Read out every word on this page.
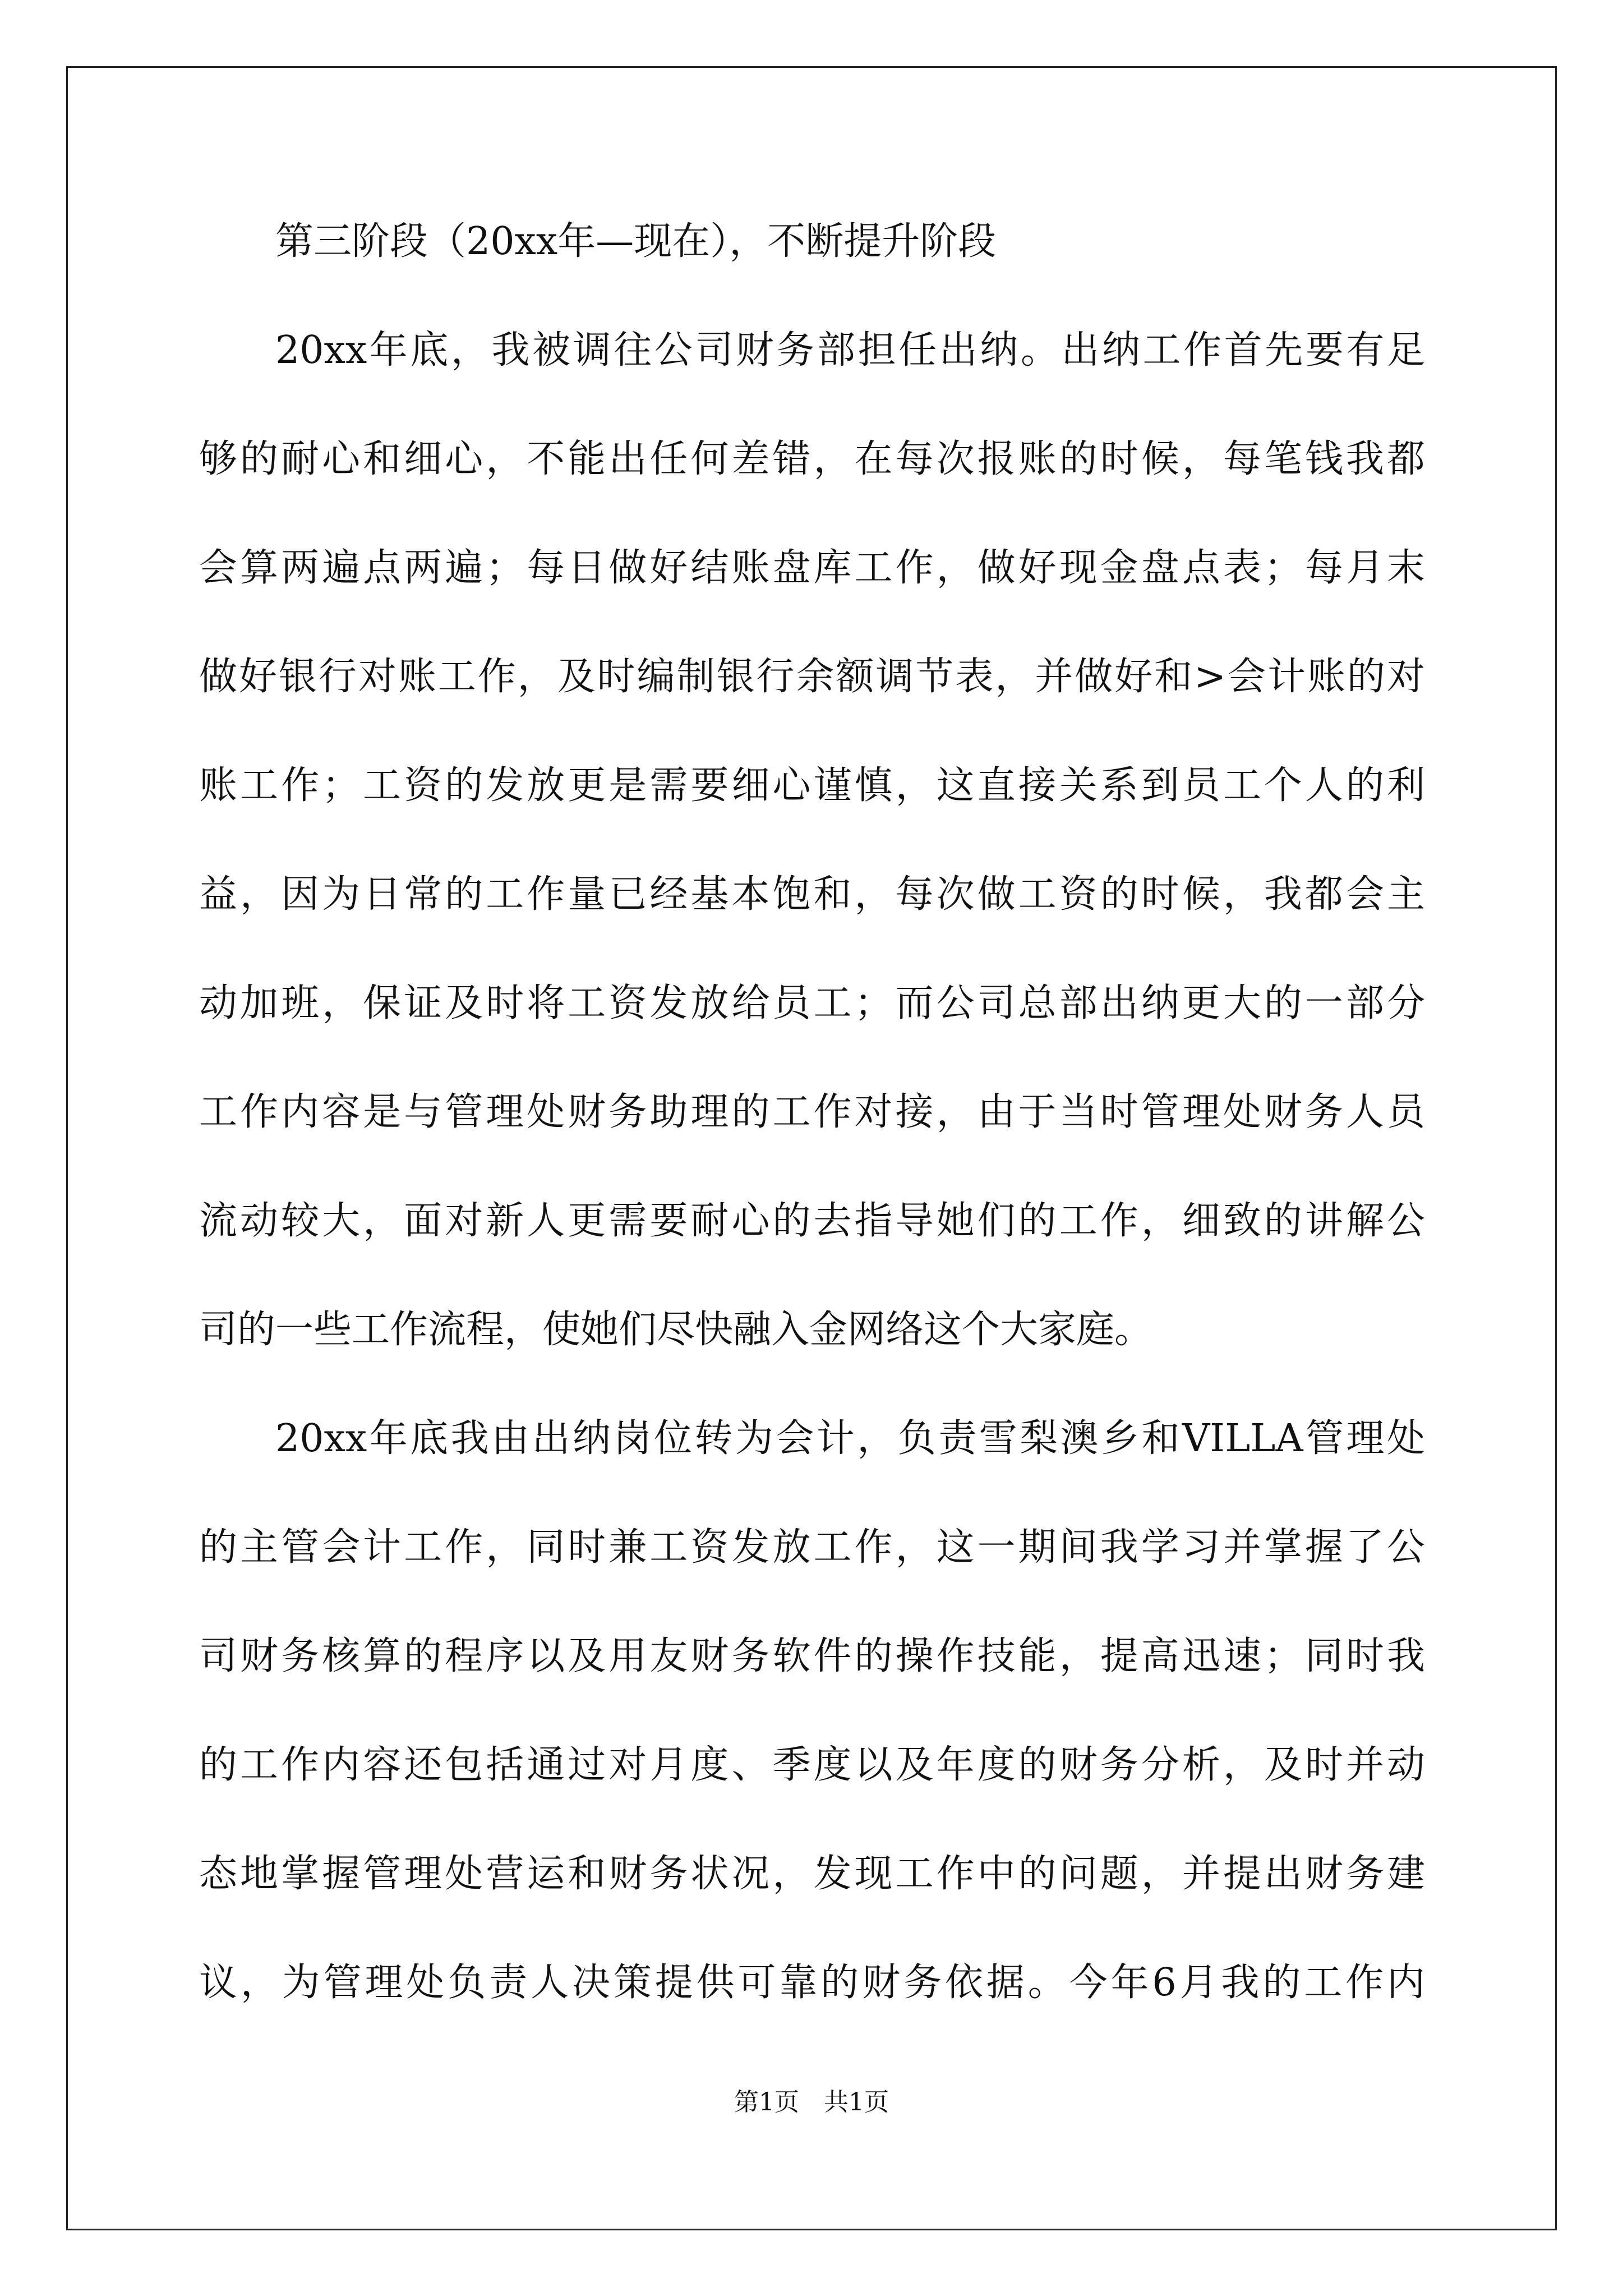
第三阶段（20xx年—现在），不断提升阶段

20xx年底，我被调往公司财务部担任出纳。出纳工作首先要有足

够的耐心和细心，不能出任何差错，在每次报账的时候，每笔钱我都

会算两遍点两遍；每日做好结账盘库工作，做好现金盘点表；每月末

做好银行对账工作，及时编制银行余额调节表，并做好和>会计账的对

账工作；工资的发放更是需要细心谨慎，这直接关系到员工个人的利

益，因为日常的工作量已经基本饱和，每次做工资的时候，我都会主

动加班，保证及时将工资发放给员工；而公司总部出纳更大的一部分

工作内容是与管理处财务助理的工作对接，由于当时管理处财务人员

流动较大，面对新人更需要耐心的去指导她们的工作，细致的讲解公

司的一些工作流程，使她们尽快融入金网络这个大家庭。

20xx年底我由出纳岗位转为会计，负责雪梨澳乡和VILLA管理处

的主管会计工作，同时兼工资发放工作，这一期间我学习并掌握了公

司财务核算的程序以及用友财务软件的操作技能，提高迅速；同时我

的工作内容还包括通过对月度、季度以及年度的财务分析，及时并动

态地掌握管理处营运和财务状况，发现工作中的问题，并提出财务建

议，为管理处负责人决策提供可靠的财务依据。今年6月我的工作内

第1页　共1页
